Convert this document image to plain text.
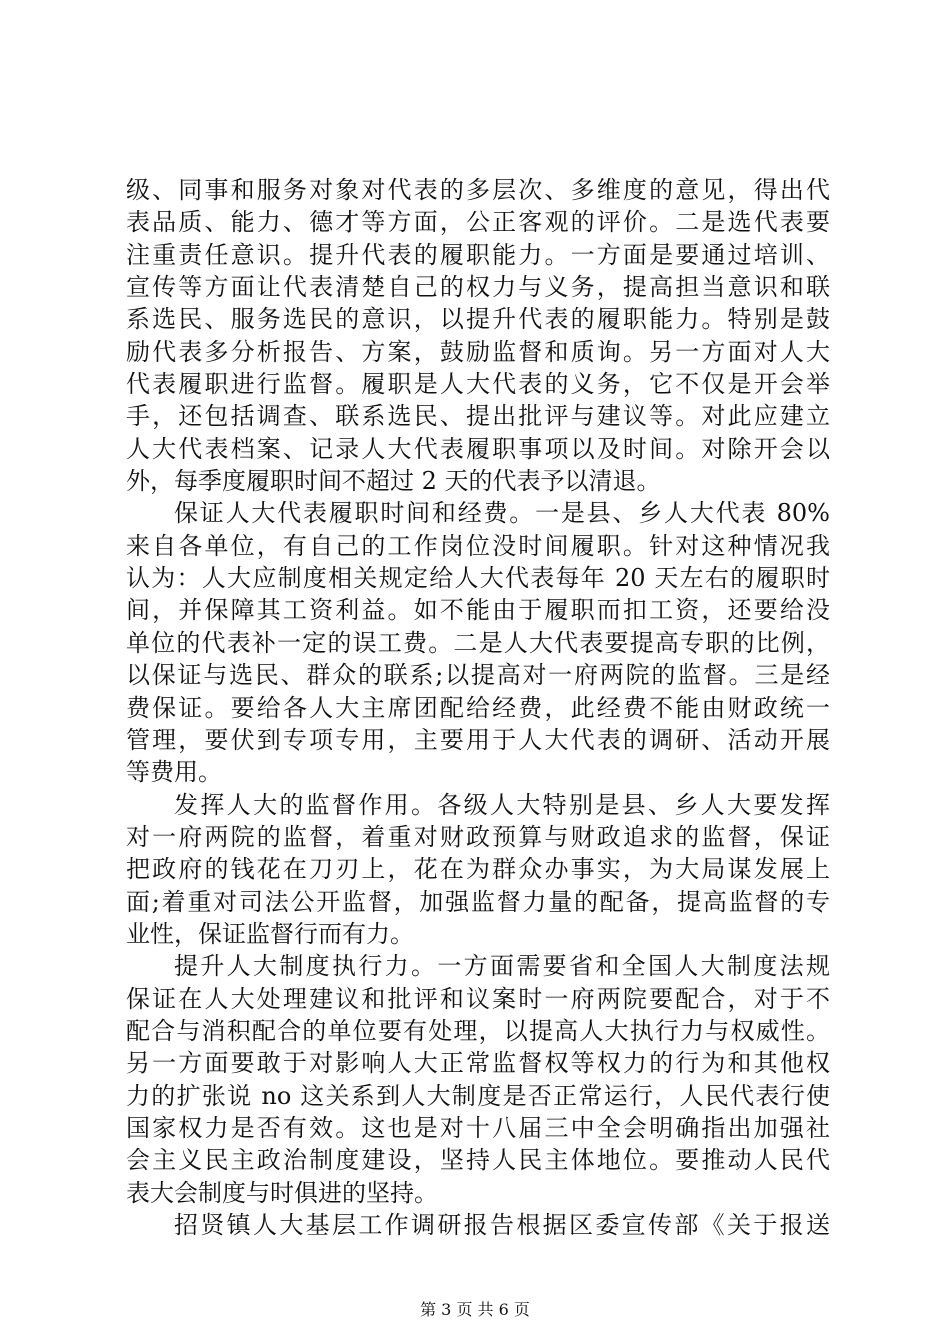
级、同事和服务对象对代表的多层次、多维度的意见，得出代
表品质、能力、德才等方面，公正客观的评价。二是选代表要
注重责任意识。提升代表的履职能力。一方面是要通过培训、
宣传等方面让代表清楚自己的权力与义务，提高担当意识和联
系选民、服务选民的意识，以提升代表的履职能力。特别是鼓
励代表多分析报告、方案，鼓励监督和质询。另一方面对人大
代表履职进行监督。履职是人大代表的义务，它不仅是开会举
手，还包括调查、联系选民、提出批评与建议等。对此应建立
人大代表档案、记录人大代表履职事项以及时间。对除开会以
外，每季度履职时间不超过 2 天的代表予以清退。
保证人大代表履职时间和经费。一是县、乡人大代表 80%
来自各单位，有自己的工作岗位没时间履职。针对这种情况我
认为：人大应制度相关规定给人大代表每年 20 天左右的履职时
间，并保障其工资利益。如不能由于履职而扣工资，还要给没
单位的代表补一定的误工费。二是人大代表要提高专职的比例，
以保证与选民、群众的联系;以提高对一府两院的监督。三是经
费保证。要给各人大主席团配给经费，此经费不能由财政统一
管理，要伏到专项专用，主要用于人大代表的调研、活动开展
等费用。
发挥人大的监督作用。各级人大特别是县、乡人大要发挥
对一府两院的监督，着重对财政预算与财政追求的监督，保证
把政府的钱花在刀刃上，花在为群众办事实，为大局谋发展上
面;着重对司法公开监督，加强监督力量的配备，提高监督的专
业性，保证监督行而有力。
提升人大制度执行力。一方面需要省和全国人大制度法规
保证在人大处理建议和批评和议案时一府两院要配合，对于不
配合与消积配合的单位要有处理，以提高人大执行力与权威性。
另一方面要敢于对影响人大正常监督权等权力的行为和其他权
力的扩张说 no 这关系到人大制度是否正常运行，人民代表行使
国家权力是否有效。这也是对十八届三中全会明确指出加强社
会主义民主政治制度建设，坚持人民主体地位。要推动人民代
表大会制度与时俱进的坚持。
招贤镇人大基层工作调研报告根据区委宣传部《关于报送
第 3 页 共 6 页
